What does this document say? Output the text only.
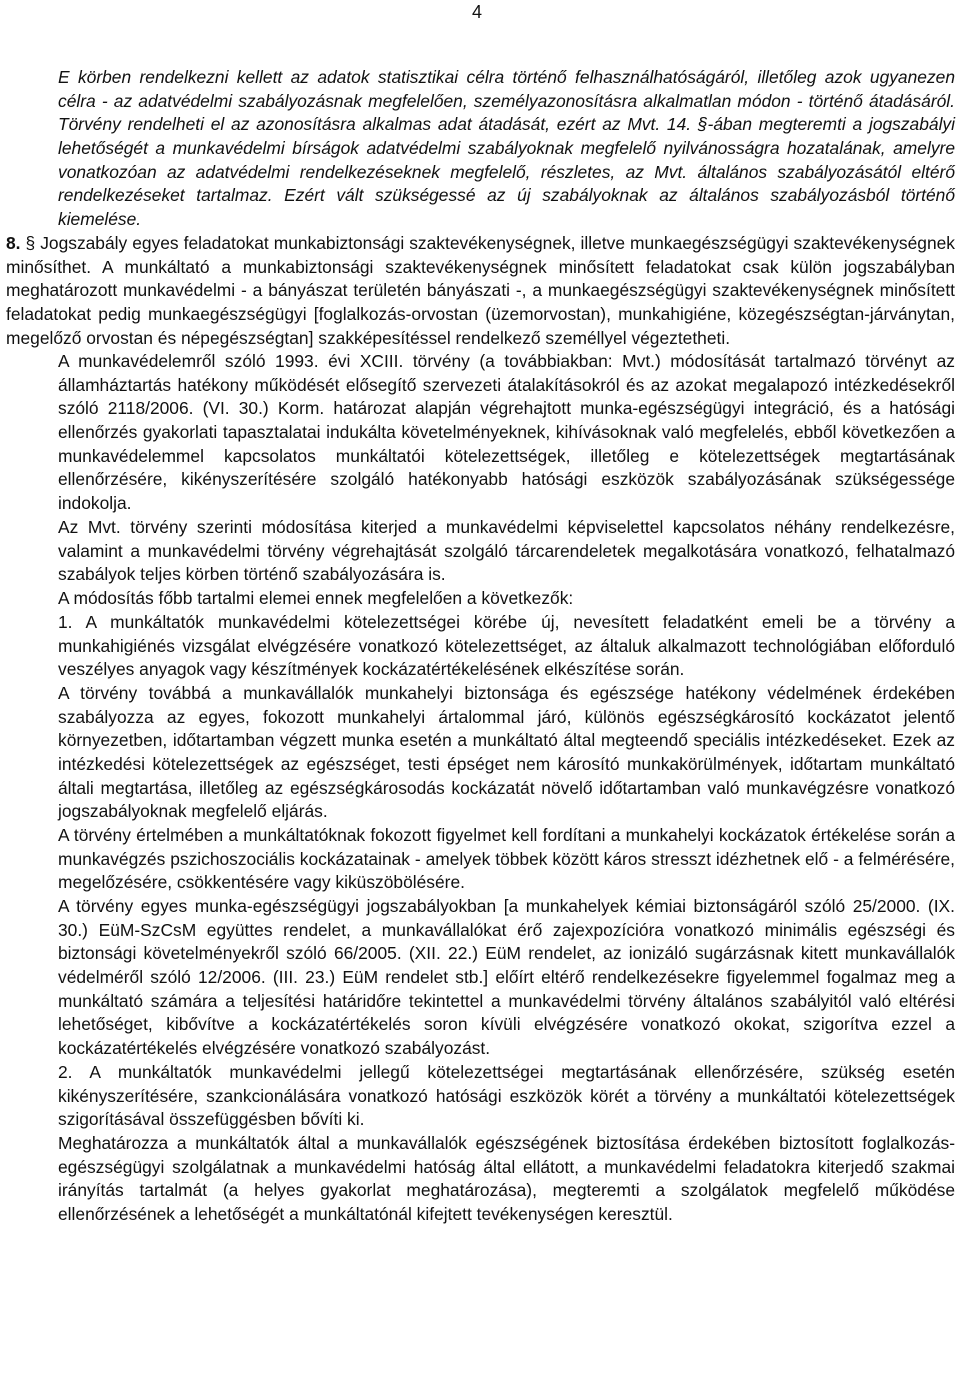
4

E körben rendelkezni kellett az adatok statisztikai célra történő felhasználhatóságáról, illetőleg azok ugyanezen célra - az adatvédelmi szabályozásnak megfelelően, személyazonosításra alkalmatlan módon - történő átadásáról. Törvény rendelheti el az azonosításra alkalmas adat átadását, ezért az Mvt. 14. §-ában megteremti a jogszabályi lehetőségét a munkavédelmi bírságok adatvédelmi szabályoknak megfelelő nyilvánosságra hozatalának, amelyre vonatkozóan az adatvédelmi rendelkezéseknek megfelelő, részletes, az Mvt. általános szabályozásától eltérő rendelkezéseket tartalmaz. Ezért vált szükségessé az új szabályoknak az általános szabályozásból történő kiemelése.

8. § Jogszabály egyes feladatokat munkabiztonsági szaktevékenységnek, illetve munkaegészségügyi szaktevékenységnek minősíthet. A munkáltató a munkabiztonsági szaktevékenységnek minősített feladatokat csak külön jogszabályban meghatározott munkavédelmi - a bányászat területén bányászati -, a munkaegészségügyi szaktevékenységnek minősített feladatokat pedig munkaegészségügyi [foglalkozás-orvostan (üzemorvostan), munkahigiéne, közegészségtan-járványtan, megelőző orvostan és népegészségtan] szakképesítéssel rendelkező személlyel végeztetheti.

A munkavédelemről szóló 1993. évi XCIII. törvény (a továbbiakban: Mvt.) módosítását tartalmazó törvényt az államháztartás hatékony működését elősegítő szervezeti átalakításokról és az azokat megalapozó intézkedésekről szóló 2118/2006. (VI. 30.) Korm. határozat alapján végrehajtott munka-egészségügyi integráció, és a hatósági ellenőrzés gyakorlati tapasztalatai indukálta követelményeknek, kihívásoknak való megfelelés, ebből következően a munkavédelemmel kapcsolatos munkáltatói kötelezettségek, illetőleg e kötelezettségek megtartásának ellenőrzésére, kikényszerítésére szolgáló hatékonyabb hatósági eszközök szabályozásának szükségessége indokolja.

Az Mvt. törvény szerinti módosítása kiterjed a munkavédelmi képviselettel kapcsolatos néhány rendelkezésre, valamint a munkavédelmi törvény végrehajtását szolgáló tárcarendeletek megalkotására vonatkozó, felhatalmazó szabályok teljes körben történő szabályozására is.

A módosítás főbb tartalmi elemei ennek megfelelően a következők:

1. A munkáltatók munkavédelmi kötelezettségei körébe új, nevesített feladatként emeli be a törvény a munkahigiénés vizsgálat elvégzésére vonatkozó kötelezettséget, az általuk alkalmazott technológiában előforduló veszélyes anyagok vagy készítmények kockázatértékelésének elkészítése során.

A törvény továbbá a munkavállalók munkahelyi biztonsága és egészsége hatékony védelmének érdekében szabályozza az egyes, fokozott munkahelyi ártalommal járó, különös egészségkárosító kockázatot jelentő környezetben, időtartamban végzett munka esetén a munkáltató által megteendő speciális intézkedéseket. Ezek az intézkedési kötelezettségek az egészséget, testi épséget nem károsító munkakörülmények, időtartam munkáltató általi megtartása, illetőleg az egészségkárosodás kockázatát növelő időtartamban való munkavégzésre vonatkozó jogszabályoknak megfelelő eljárás.

A törvény értelmében a munkáltatóknak fokozott figyelmet kell fordítani a munkahelyi kockázatok értékelése során a munkavégzés pszichoszociális kockázatainak - amelyek többek között káros stresszt idézhetnek elő - a felmérésére, megelőzésére, csökkentésére vagy kiküszöbölésére.

A törvény egyes munka-egészségügyi jogszabályokban [a munkahelyek kémiai biztonságáról szóló 25/2000. (IX. 30.) EüM-SzCsM együttes rendelet, a munkavállalókat érő zajexpozícióra vonatkozó minimális egészségi és biztonsági követelményekről szóló 66/2005. (XII. 22.) EüM rendelet, az ionizáló sugárzásnak kitett munkavállalók védelméről szóló 12/2006. (III. 23.) EüM rendelet stb.] előírt eltérő rendelkezésekre figyelemmel fogalmaz meg a munkáltató számára a teljesítési határidőre tekintettel a munkavédelmi törvény általános szabályitól való eltérési lehetőséget, kibővítve a kockázatértékelés soron kívüli elvégzésére vonatkozó okokat, szigorítva ezzel a kockázatértékelés elvégzésére vonatkozó szabályozást.

2. A munkáltatók munkavédelmi jellegű kötelezettségei megtartásának ellenőrzésére, szükség esetén kikényszerítésére, szankcionálására vonatkozó hatósági eszközök körét a törvény a munkáltatói kötelezettségek szigorításával összefüggésben bővíti ki.

Meghatározza a munkáltatók által a munkavállalók egészségének biztosítása érdekében biztosított foglalkozás-egészségügyi szolgálatnak a munkavédelmi hatóság által ellátott, a munkavédelmi feladatokra kiterjedő szakmai irányítás tartalmát (a helyes gyakorlat meghatározása), megteremti a szolgálatok megfelelő működése ellenőrzésének a lehetőségét a munkáltatónál kifejtett tevékenységen keresztül.
